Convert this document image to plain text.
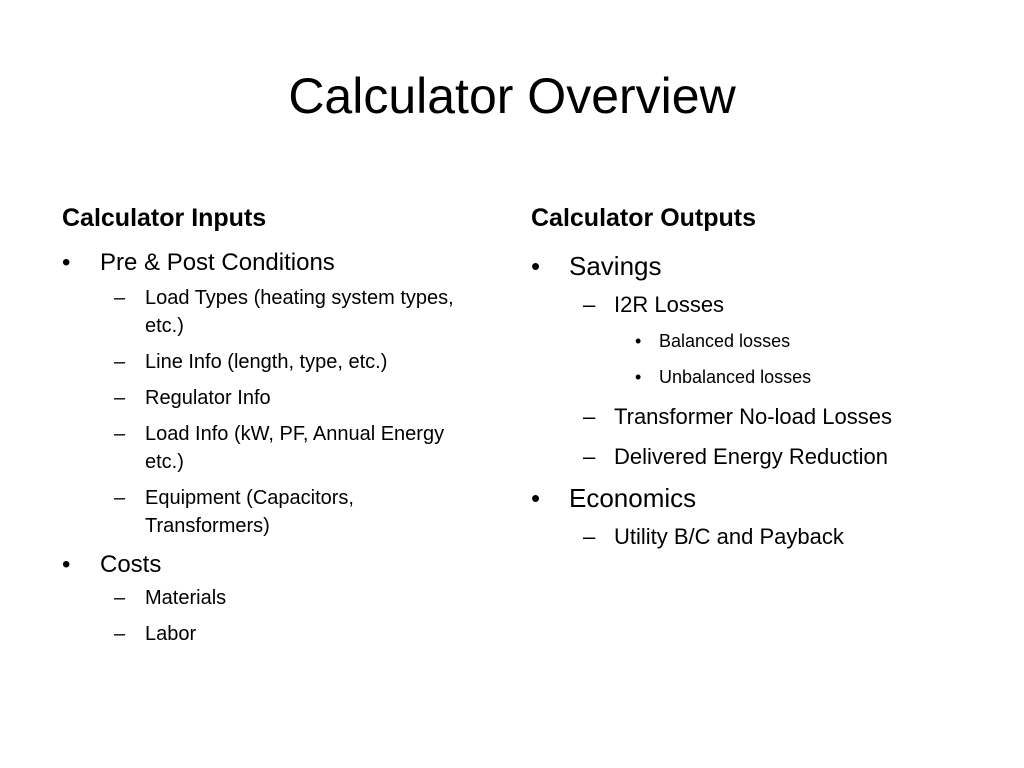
Calculator Overview
Calculator Inputs
• Pre & Post Conditions
– Load Types (heating system types, etc.)
– Line Info (length, type, etc.)
– Regulator Info
– Load Info (kW, PF, Annual Energy etc.)
– Equipment (Capacitors, Transformers)
• Costs
– Materials
– Labor
Calculator Outputs
• Savings
– I2R Losses
• Balanced losses
• Unbalanced losses
– Transformer No-load Losses
– Delivered Energy Reduction
• Economics
– Utility B/C and Payback
